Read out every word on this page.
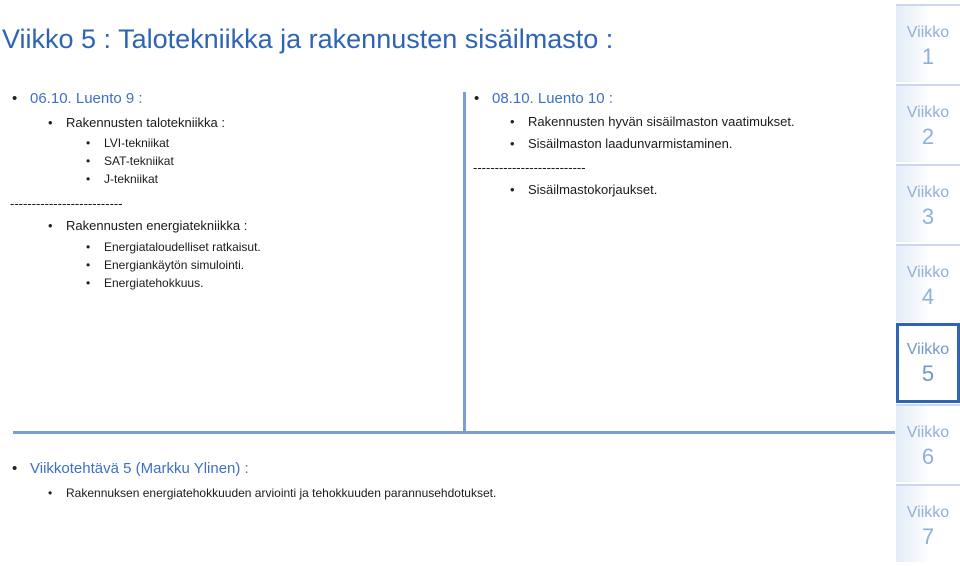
Viikko 5 : Talotekniikka ja rakennusten sisäilmasto :
• 06.10. Luento 9 :
• Rakennusten talotekniikka :
• LVI-tekniikat
• SAT-tekniikat
• J-tekniikat
--------------------------
• Rakennusten energiatekniikka :
• Energiataloudelliset ratkaisut.
• Energiankäytön simulointi.
• Energiatehokkuus.
• 08.10. Luento 10 :
• Rakennusten hyvän sisäilmaston vaatimukset.
• Sisäilmaston laadunvarmistaminen.
--------------------------
• Sisäilmastokorjaukset.
• Viikkotehtävä 5 (Markku Ylinen) :
• Rakennuksen energiatehokkuuden arviointi ja tehokkuuden parannusehdotukset.
Viikko
1
Viikko
2
Viikko
3
Viikko
4
Viikko
5
Viikko
6
Viikko
7
